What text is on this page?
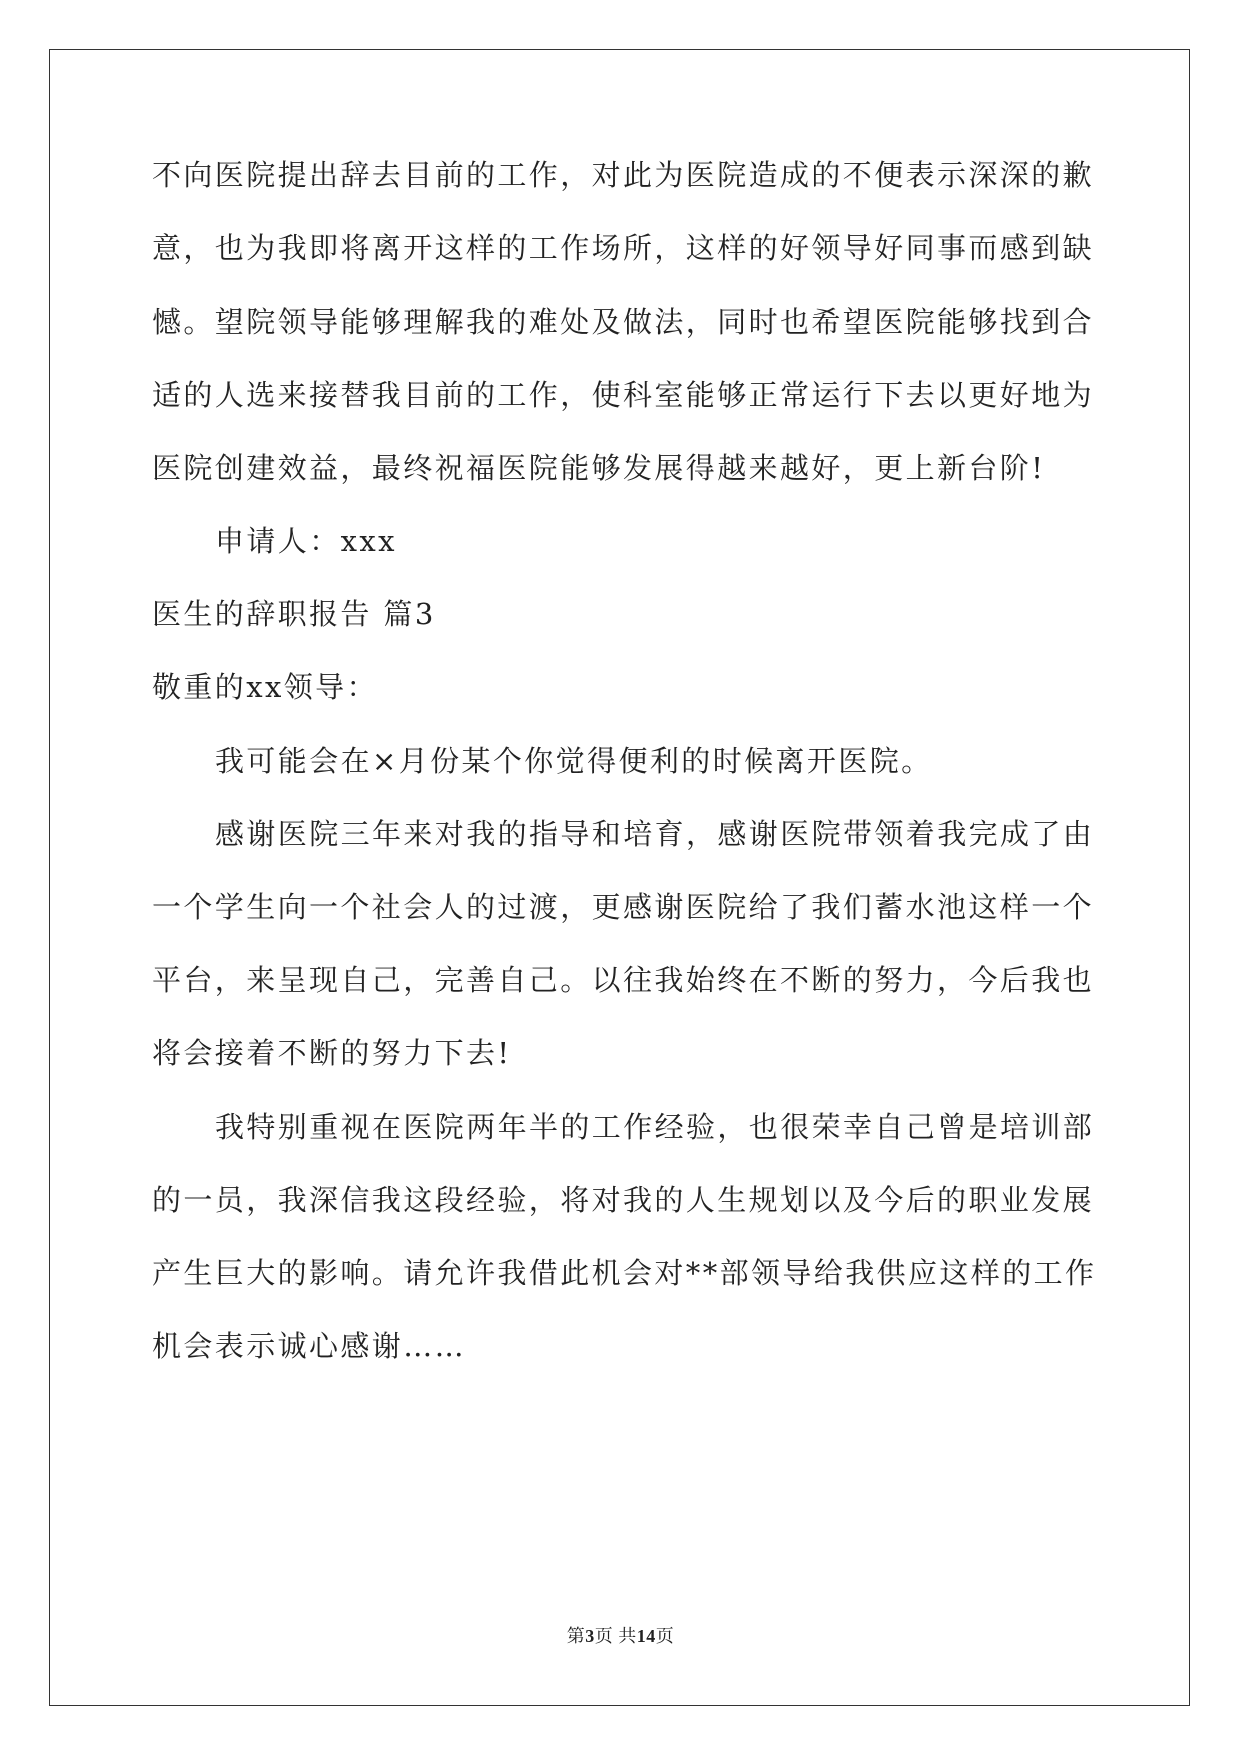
不向医院提出辞去目前的工作，对此为医院造成的不便表示深深的歉
意，也为我即将离开这样的工作场所，这样的好领导好同事而感到缺
憾。望院领导能够理解我的难处及做法，同时也希望医院能够找到合
适的人选来接替我目前的工作，使科室能够正常运行下去以更好地为
医院创建效益，最终祝福医院能够发展得越来越好，更上新台阶!
申请人：xxx
医生的辞职报告 篇3
敬重的xx领导：
我可能会在×月份某个你觉得便利的时候离开医院。
感谢医院三年来对我的指导和培育，感谢医院带领着我完成了由
一个学生向一个社会人的过渡，更感谢医院给了我们蓄水池这样一个
平台，来呈现自己，完善自己。以往我始终在不断的努力，今后我也
将会接着不断的努力下去!
我特别重视在医院两年半的工作经验，也很荣幸自己曾是培训部
的一员，我深信我这段经验，将对我的人生规划以及今后的职业发展
产生巨大的影响。请允许我借此机会对**部领导给我供应这样的工作
机会表示诚心感谢……
第3页 共14页
